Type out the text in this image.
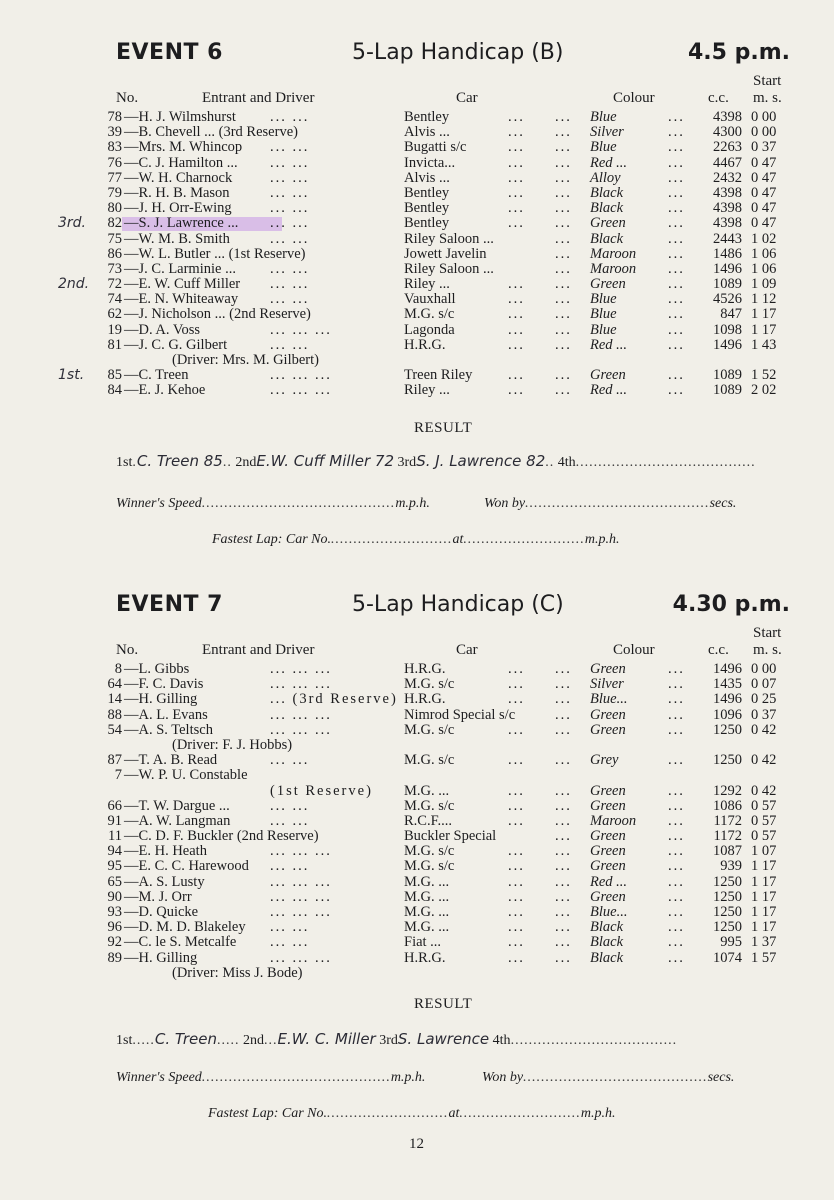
EVENT 6	5-Lap Handicap (B)	4.5 p.m.
No.	Entrant and Driver	Car	Colour	c.c.
Start
m. s.
78 —H. J. Wilmshurst ... ...	Bentley	... ... Blue	... 4398 0 00
39 —B. Chevell ... (3rd Reserve)	Alvis ...	... ... Silver	... 4300 0 00
83 —Mrs. M. Whincop ... ...	Bugatti s/c	... ... Blue	... 2263 0 37
76 —C. J. Hamilton ... ... ...	Invicta...	... ... Red ...	... 4467 0 47
77 —W. H. Charnock	... ...	Alvis ...	... ... Alloy	... 2432 0 47
79 —R. H. B. Mason	... ...	Bentley	... ... Black	... 4398 0 47
80 —J. H. Orr-Ewing	... ...	Bentley	... ... Black	... 4398 0 47
82 —S. J. Lawrence ... ... ...	Bentley	... ... Green	... 4398 0 47
3rd.
75 —W. M. B. Smith	... ...	Riley Saloon ...	... Black	... 2443 1 02
86 —W. L. Butler ... (1st Reserve)	Jowett Javelin	... Maroon ... 1486 1 06
73 —J. C. Larminie ... ... ...	Riley Saloon ...	... Maroon ... 1496 1 06
72 —E. W. Cuff Miller ... ...	Riley ...	... ... Green	... 1089 1 09
2nd.
74 —E. N. Whiteaway ... ...	Vauxhall	... ... Blue	... 4526 1 12
62 —J. Nicholson ... (2nd Reserve)	M.G. s/c	... ... Blue	... 847 1 17
19 —D. A. Voss	... ... ...	Lagonda	... ... Blue	... 1098 1 17
81 —J. C. G. Gilbert	... ...	H.R.G.	... ... Red ...	... 1496 1 43
(Driver: Mrs. M. Gilbert)
85 —C. Treen	... ... ...	Treen Riley ... ... Green	... 1089 1 52
1st.
84 —E. J. Kehoe	... ... ...	Riley ...	... ... Red ...	... 1089 2 02
RESULT
1st.C. Treen 85.. 2ndE.W. Cuff Miller 72 3rdS. J. Lawrence 82.. 4th........................................
Winner's Speed...........................................m.p.h.	Won by.........................................secs.
Fastest Lap: Car No............................at...........................m.p.h.
EVENT 7	5-Lap Handicap (C)	4.30 p.m.
No.	Entrant and Driver	Car	Colour	c.c.
Start
m. s.
8 —L. Gibbs	... ... ...	H.R.G.	... ... Green	... 1496 0 00
64 —F. C. Davis	... ... ...	M.G. s/c	... ... Silver	... 1435 0 07
14 —H. Gilling	... (3rd Reserve) H.R.G.	... ... Blue...	... 1496 0 25
88 —A. L. Evans	... ... ...	Nimrod Special s/c	... Green	... 1096 0 37
54 —A. S. Teltsch	... ... ...	M.G. s/c	... ... Green	... 1250 0 42
(Driver: F. J. Hobbs)
87 —T. A. B. Read	... ...	M.G. s/c	... ... Grey	... 1250 0 42
7 —W. P. U. Constable
(1st Reserve) M.G. ...	... ... Green	... 1292 0 42
66 —T. W. Dargue ...	... ...	M.G. s/c	... ... Green	... 1086 0 57
91 —A. W. Langman	... ...	R.C.F....	... ... Maroon ... 1172 0 57
11 —C. D. F. Buckler (2nd Reserve)	Buckler Special	... Green	... 1172 0 57
94 —E. H. Heath	... ... ...	M.G. s/c	... ... Green	... 1087 1 07
95 —E. C. C. Harewood ... ...	M.G. s/c	... ... Green	... 939 1 17
65 —A. S. Lusty	... ... ...	M.G. ...	... ... Red ...	... 1250 1 17
90 —M. J. Orr	... ... ...	M.G. ...	... ... Green	... 1250 1 17
93 —D. Quicke	... ... ...	M.G. ...	... ... Blue...	... 1250 1 17
96 —D. M. D. Blakeley ... ...	M.G. ...	... ... Black	... 1250 1 17
92 —C. le S. Metcalfe ... ...	Fiat ...	... ... Black	... 995 1 37
89 —H. Gilling	... ... ...	H.R.G.	... ... Black	... 1074 1 57
(Driver: Miss J. Bode)
RESULT
1st.....C. Treen..... 2nd...E.W. C. Miller 3rdS. Lawrence 4th.....................................
Winner's Speed..........................................m.p.h.	Won by.........................................secs.
Fastest Lap: Car No............................at...........................m.p.h.
12
